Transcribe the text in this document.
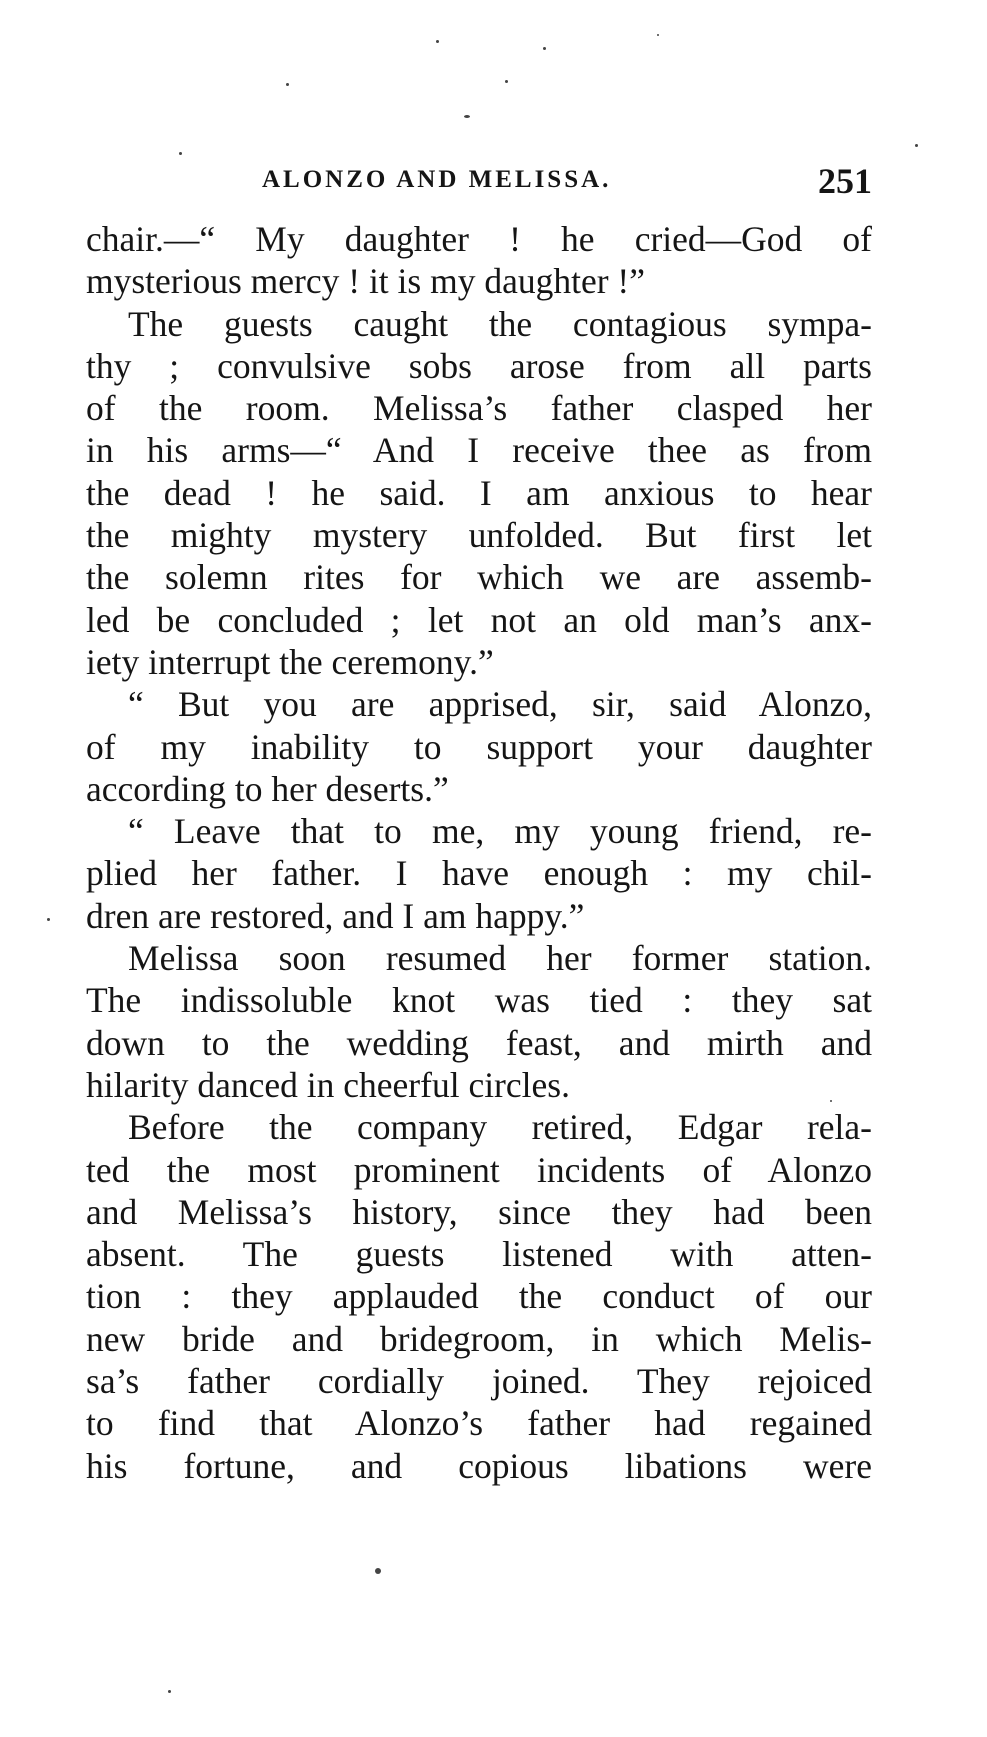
ALONZO AND MELISSA.	251
chair.—“ My daughter ! he cried—God of
mysterious mercy ! it is my daughter !”
The guests caught the contagious sympa-
thy ; convulsive sobs arose from all parts
of the room. Melissa’s father clasped her
in his arms—“ And I receive thee as from
the dead ! he said. I am anxious to hear
the mighty mystery unfolded. But first let
the solemn rites for which we are assemb-
led be concluded ; let not an old man’s anx-
iety interrupt the ceremony.”
“ But you are apprised, sir, said Alonzo,
of my inability to support your daughter
according to her deserts.”
“ Leave that to me, my young friend, re-
plied her father. I have enough : my chil-
dren are restored, and I am happy.”
Melissa soon resumed her former station.
The indissoluble knot was tied : they sat
down to the wedding feast, and mirth and
hilarity danced in cheerful circles.
Before the company retired, Edgar rela-
ted the most prominent incidents of Alonzo
and Melissa’s history, since they had been
absent. The guests listened with atten-
tion : they applauded the conduct of our
new bride and bridegroom, in which Melis-
sa’s father cordially joined. They rejoiced
to find that Alonzo’s father had regained
his fortune, and copious libations were
